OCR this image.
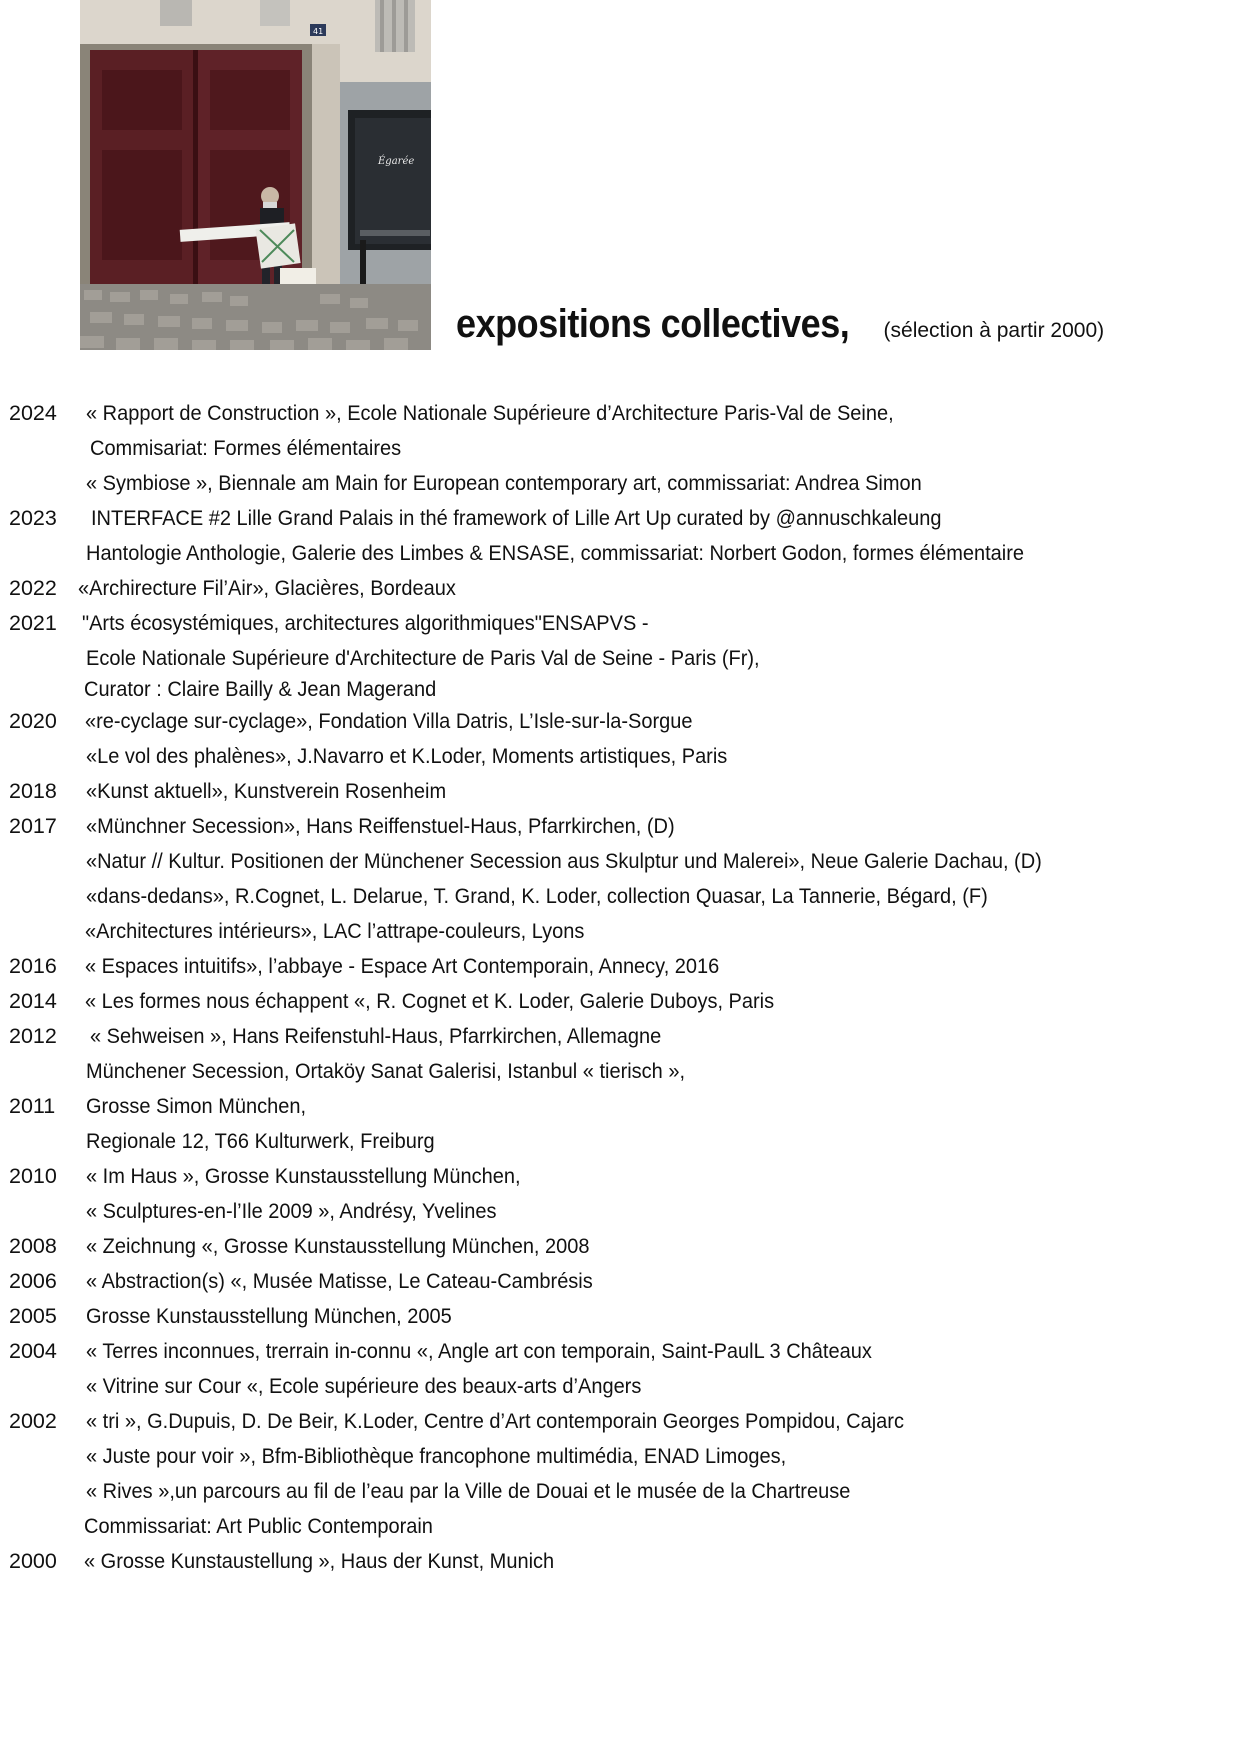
41
Égarée
expositions collectives, (sélection à partir 2000)
2024 « Rapport de Construction », Ecole Nationale Supérieure d’Architecture Paris-Val de Seine,
Commisariat: Formes élémentaires
« Symbiose », Biennale am Main for European contemporary art, commissariat: Andrea Simon
2023 INTERFACE #2 Lille Grand Palais in thé framework of Lille Art Up curated by @annuschkaleung
Hantologie Anthologie, Galerie des Limbes & ENSASE, commissariat: Norbert Godon, formes élémentaire
2022 «Archirecture Fil’Air», Glacières, Bordeaux
2021 "Arts écosystémiques, architectures algorithmiques"ENSAPVS -
Ecole Nationale Supérieure d'Architecture de Paris Val de Seine - Paris (Fr),
Curator : Claire Bailly & Jean Magerand
2020 «re-cyclage sur-cyclage», Fondation Villa Datris, L’Isle-sur-la-Sorgue
«Le vol des phalènes», J.Navarro et K.Loder, Moments artistiques, Paris
2018 «Kunst aktuell», Kunstverein Rosenheim
2017 «Münchner Secession», Hans Reiffenstuel-Haus, Pfarrkirchen, (D)
«Natur // Kultur. Positionen der Münchener Secession aus Skulptur und Malerei», Neue Galerie Dachau, (D)
«dans-dedans», R.Cognet, L. Delarue, T. Grand, K. Loder, collection Quasar, La Tannerie, Bégard, (F)
«Architectures intérieurs», LAC l’attrape-couleurs, Lyons
2016 « Espaces intuitifs», l’abbaye - Espace Art Contemporain, Annecy, 2016
2014 « Les formes nous échappent «, R. Cognet et K. Loder, Galerie Duboys, Paris
2012 « Sehweisen », Hans Reifenstuhl-Haus, Pfarrkirchen, Allemagne
Münchener Secession, Ortaköy Sanat Galerisi, Istanbul « tierisch »,
2011 Grosse Simon München,
Regionale 12, T66 Kulturwerk, Freiburg
2010 « Im Haus », Grosse Kunstausstellung München,
« Sculptures-en-l’Ile 2009 », Andrésy, Yvelines
2008 « Zeichnung «, Grosse Kunstausstellung München, 2008
2006 « Abstraction(s) «, Musée Matisse, Le Cateau-Cambrésis
2005 Grosse Kunstausstellung München, 2005
2004 « Terres inconnues, trerrain in-connu «, Angle art con temporain, Saint-PaulL 3 Châteaux
« Vitrine sur Cour «, Ecole supérieure des beaux-arts d’Angers
2002 « tri », G.Dupuis, D. De Beir, K.Loder, Centre d’Art contemporain Georges Pompidou, Cajarc
« Juste pour voir », Bfm-Bibliothèque francophone multimédia, ENAD Limoges,
« Rives »,un parcours au fil de l’eau par la Ville de Douai et le musée de la Chartreuse
Commissariat: Art Public Contemporain
2000 « Grosse Kunstaustellung », Haus der Kunst, Munich
